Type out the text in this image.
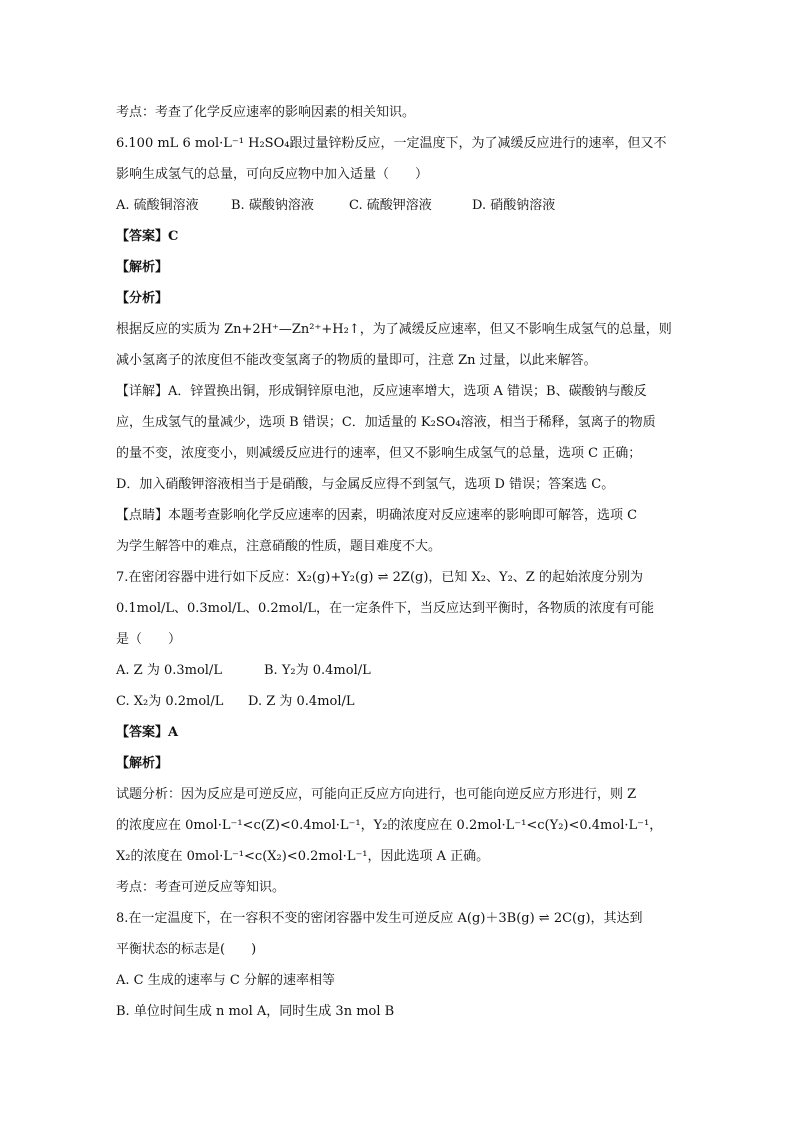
考点：考查了化学反应速率的影响因素的相关知识。
6.100 mL 6 mol·L⁻¹ H₂SO₄跟过量锌粉反应，一定温度下，为了减缓反应进行的速率，但又不
影响生成氢气的总量，可向反应物中加入适量（　　）
A. 硫酸铜溶液 B. 碳酸钠溶液	C. 硫酸钾溶液	D. 硝酸钠溶液
【答案】C
【解析】
【分析】
根据反应的实质为 Zn+2H⁺—Zn²⁺+H₂↑，为了减缓反应速率，但又不影响生成氢气的总量，则
减小氢离子的浓度但不能改变氢离子的物质的量即可，注意 Zn 过量，以此来解答。
【详解】A．锌置换出铜，形成铜锌原电池，反应速率增大，选项 A 错误；B、碳酸钠与酸反
应，生成氢气的量减少，选项 B 错误；C．加适量的 K₂SO₄溶液，相当于稀释，氢离子的物质
的量不变，浓度变小，则减缓反应进行的速率，但又不影响生成氢气的总量，选项 C 正确；
D．加入硝酸钾溶液相当于是硝酸，与金属反应得不到氢气，选项 D 错误；答案选 C。
【点睛】本题考查影响化学反应速率的因素，明确浓度对反应速率的影响即可解答，选项 C
为学生解答中的难点，注意硝酸的性质，题目难度不大。
7.在密闭容器中进行如下反应：X₂(g)+Y₂(g) ⇌ 2Z(g)，已知 X₂、Y₂、Z 的起始浓度分别为
0.1mol/L、0.3mol/L、0.2mol/L，在一定条件下，当反应达到平衡时，各物质的浓度有可能
是（　　）
A. Z 为 0.3mol/L	B. Y₂为 0.4mol/L
C. X₂为 0.2mol/L D. Z 为 0.4mol/L
【答案】A
【解析】
试题分析：因为反应是可逆反应，可能向正反应方向进行，也可能向逆反应方形进行，则 Z
的浓度应在 0mol·L⁻¹<c(Z)<0.4mol·L⁻¹，Y₂的浓度应在 0.2mol·L⁻¹<c(Y₂)<0.4mol·L⁻¹，
X₂的浓度在 0mol·L⁻¹<c(X₂)<0.2mol·L⁻¹，因此选项 A 正确。
考点：考查可逆反应等知识。
8.在一定温度下，在一容积不变的密闭容器中发生可逆反应 A(g)＋3B(g) ⇌ 2C(g)，其达到
平衡状态的标志是(　　)
A. C 生成的速率与 C 分解的速率相等
B. 单位时间生成 n mol A，同时生成 3n mol B
